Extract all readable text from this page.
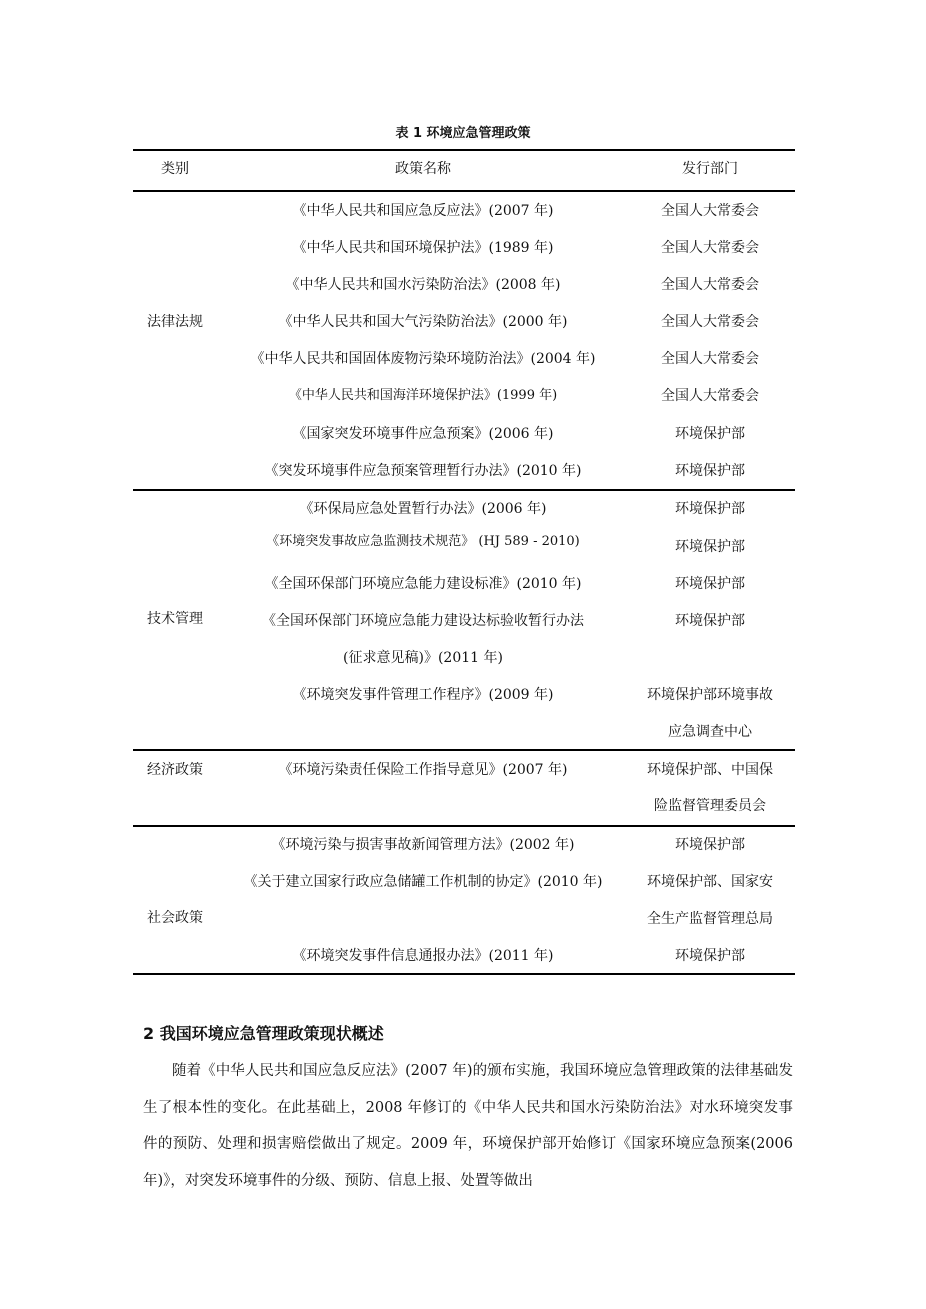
表 1 环境应急管理政策
类别	政策名称	发行部门
法律法规
《中华人民共和国应急反应法》(2007 年)	全国人大常委会
《中华人民共和国环境保护法》(1989 年)	全国人大常委会
《中华人民共和国水污染防治法》(2008 年)	全国人大常委会
《中华人民共和国大气污染防治法》(2000 年)	全国人大常委会
《中华人民共和国固体废物污染环境防治法》(2004 年)	全国人大常委会
《中华人民共和国海洋环境保护法》(1999 年)	全国人大常委会
《国家突发环境事件应急预案》(2006 年)	环境保护部
《突发环境事件应急预案管理暂行办法》(2010 年)	环境保护部
技术管理
《环保局应急处置暂行办法》(2006 年)	环境保护部
《环境突发事故应急监测技术规范》 (HJ 589 - 2010)	环境保护部
《全国环保部门环境应急能力建设标准》(2010 年)	环境保护部
《全国环保部门环境应急能力建设达标验收暂行办法	环境保护部
(征求意见稿)》(2011 年)
《环境突发事件管理工作程序》(2009 年)	环境保护部环境事故
应急调查中心
经济政策	《环境污染责任保险工作指导意见》(2007 年)	环境保护部、中国保
险监督管理委员会
社会政策
《环境污染与损害事故新闻管理方法》(2002 年)	环境保护部
《关于建立国家行政应急储罐工作机制的协定》(2010 年)	环境保护部、国家安
全生产监督管理总局
《环境突发事件信息通报办法》(2011 年)	环境保护部
2 我国环境应急管理政策现状概述

随着《中华人民共和国应急反应法》(2007 年)的颁布实施，我国环境应急管理政策的法律基础发生了根本性的变化。在此基础上，2008 年修订的《中华人民共和国水污染防治法》对水环境突发事件的预防、处理和损害赔偿做出了规定。2009 年，环境保护部开始修订《国家环境应急预案(2006 年)》，对突发环境事件的分级、预防、信息上报、处置等做出
